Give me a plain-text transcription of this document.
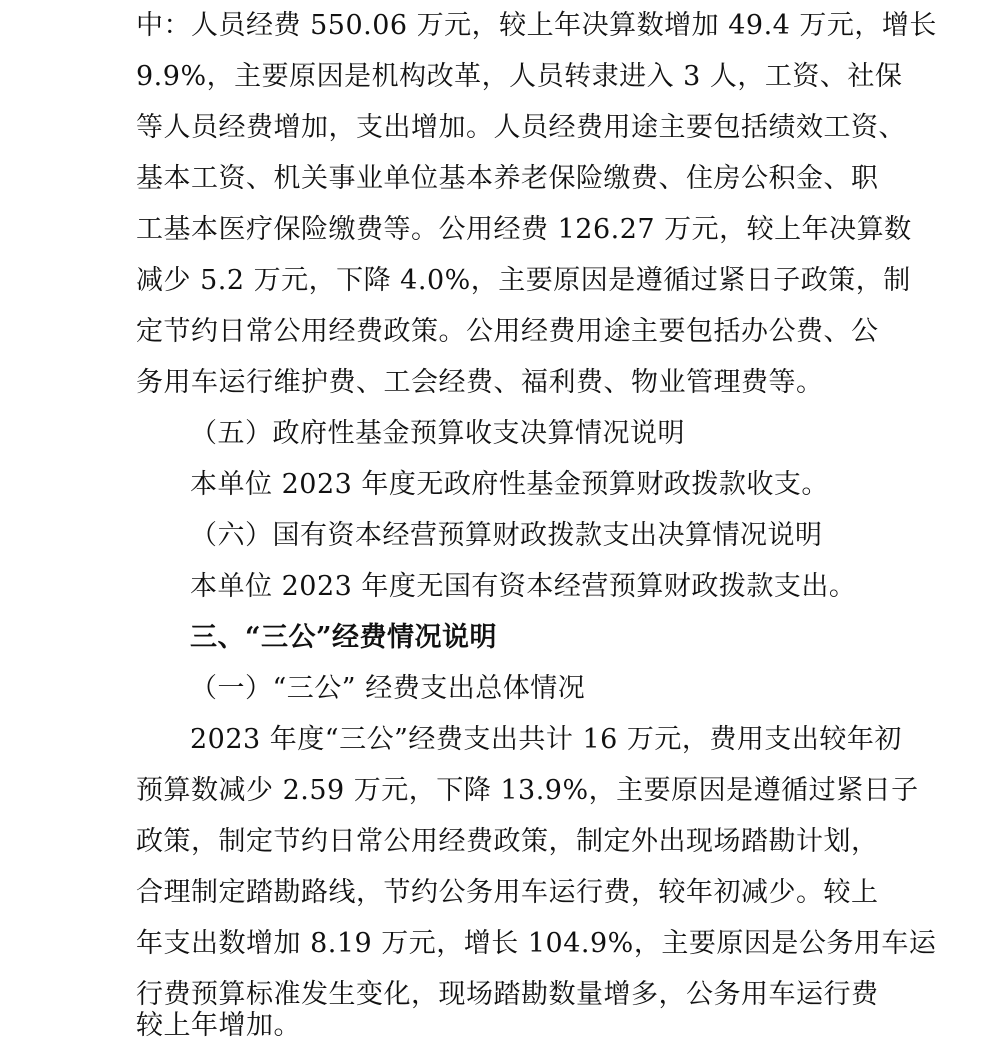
中：人员经费 550.06 万元，较上年决算数增加 49.4 万元，增长
9.9%，主要原因是机构改革，人员转隶进入 3 人，工资、社保
等人员经费增加，支出增加。人员经费用途主要包括绩效工资、
基本工资、机关事业单位基本养老保险缴费、住房公积金、职
工基本医疗保险缴费等。公用经费 126.27 万元，较上年决算数
减少 5.2 万元，下降 4.0%，主要原因是遵循过紧日子政策，制
定节约日常公用经费政策。公用经费用途主要包括办公费、公
务用车运行维护费、工会经费、福利费、物业管理费等。
（五）政府性基金预算收支决算情况说明
本单位 2023 年度无政府性基金预算财政拨款收支。
（六）国有资本经营预算财政拨款支出决算情况说明
本单位 2023 年度无国有资本经营预算财政拨款支出。
三、“三公”经费情况说明
（一）“三公” 经费支出总体情况
2023 年度“三公”经费支出共计 16 万元，费用支出较年初
预算数减少 2.59 万元，下降 13.9%，主要原因是遵循过紧日子
政策，制定节约日常公用经费政策，制定外出现场踏勘计划，
合理制定踏勘路线，节约公务用车运行费，较年初减少。较上
年支出数增加 8.19 万元，增长 104.9%，主要原因是公务用车运
行费预算标准发生变化，现场踏勘数量增多，公务用车运行费
较上年增加。
